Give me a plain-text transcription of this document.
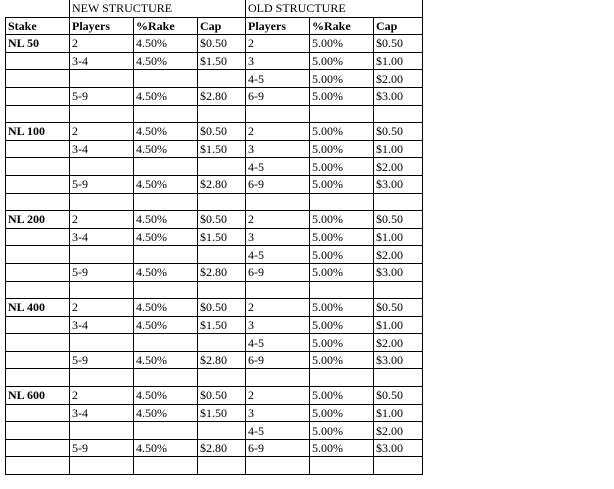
	NEW STRUCTURE			OLD STRUCTURE		
Stake	Players	%Rake	Cap	Players	%Rake	Cap
NL 50	2	4.50%	$0.50	2	5.00%	$0.50
	3-4	4.50%	$1.50	3	5.00%	$1.00
				4-5	5.00%	$2.00
	5-9	4.50%	$2.80	6-9	5.00%	$3.00

NL 100	2	4.50%	$0.50	2	5.00%	$0.50
	3-4	4.50%	$1.50	3	5.00%	$1.00
				4-5	5.00%	$2.00
	5-9	4.50%	$2.80	6-9	5.00%	$3.00

NL 200	2	4.50%	$0.50	2	5.00%	$0.50
	3-4	4.50%	$1.50	3	5.00%	$1.00
				4-5	5.00%	$2.00
	5-9	4.50%	$2.80	6-9	5.00%	$3.00

NL 400	2	4.50%	$0.50	2	5.00%	$0.50
	3-4	4.50%	$1.50	3	5.00%	$1.00
				4-5	5.00%	$2.00
	5-9	4.50%	$2.80	6-9	5.00%	$3.00

NL 600	2	4.50%	$0.50	2	5.00%	$0.50
	3-4	4.50%	$1.50	3	5.00%	$1.00
				4-5	5.00%	$2.00
	5-9	4.50%	$2.80	6-9	5.00%	$3.00
